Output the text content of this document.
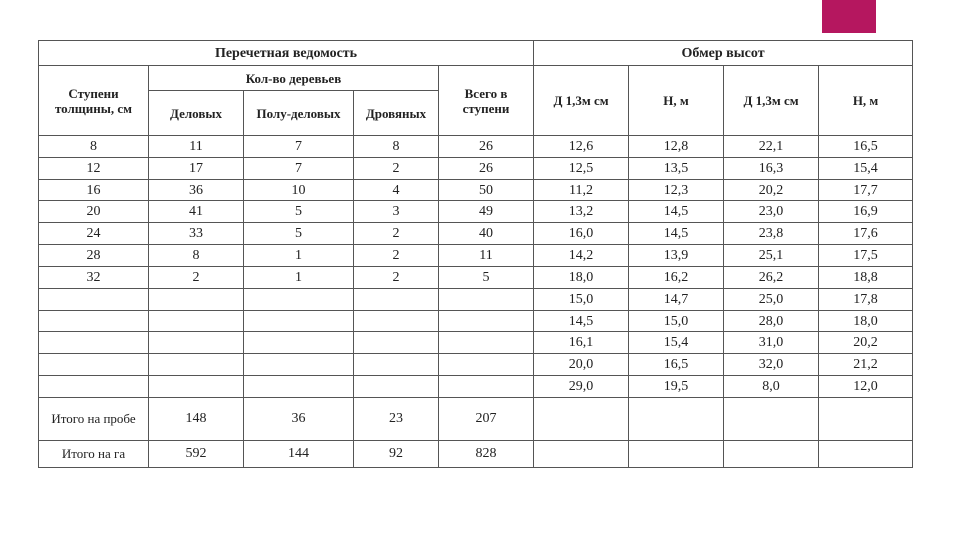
Перечетная ведомость					Обмер высот			
Ступени толщины, см	Кол-во деревьев			Всего в ступени	Д 1,3м см	Н, м	Д 1,3м см	Н, м
	Деловых	Полу-деловых	Дровяных					
8	11	7	8	26	12,6	12,8	22,1	16,5
12	17	7	2	26	12,5	13,5	16,3	15,4
16	36	10	4	50	11,2	12,3	20,2	17,7
20	41	5	3	49	13,2	14,5	23,0	16,9
24	33	5	2	40	16,0	14,5	23,8	17,6
28	8	1	2	11	14,2	13,9	25,1	17,5
32	2	1	2	5	18,0	16,2	26,2	18,8
					15,0	14,7	25,0	17,8
					14,5	15,0	28,0	18,0
					16,1	15,4	31,0	20,2
					20,0	16,5	32,0	21,2
					29,0	19,5	8,0	12,0
Итого на пробе	148	36	23	207				
Итого на га	592	144	92	828				
